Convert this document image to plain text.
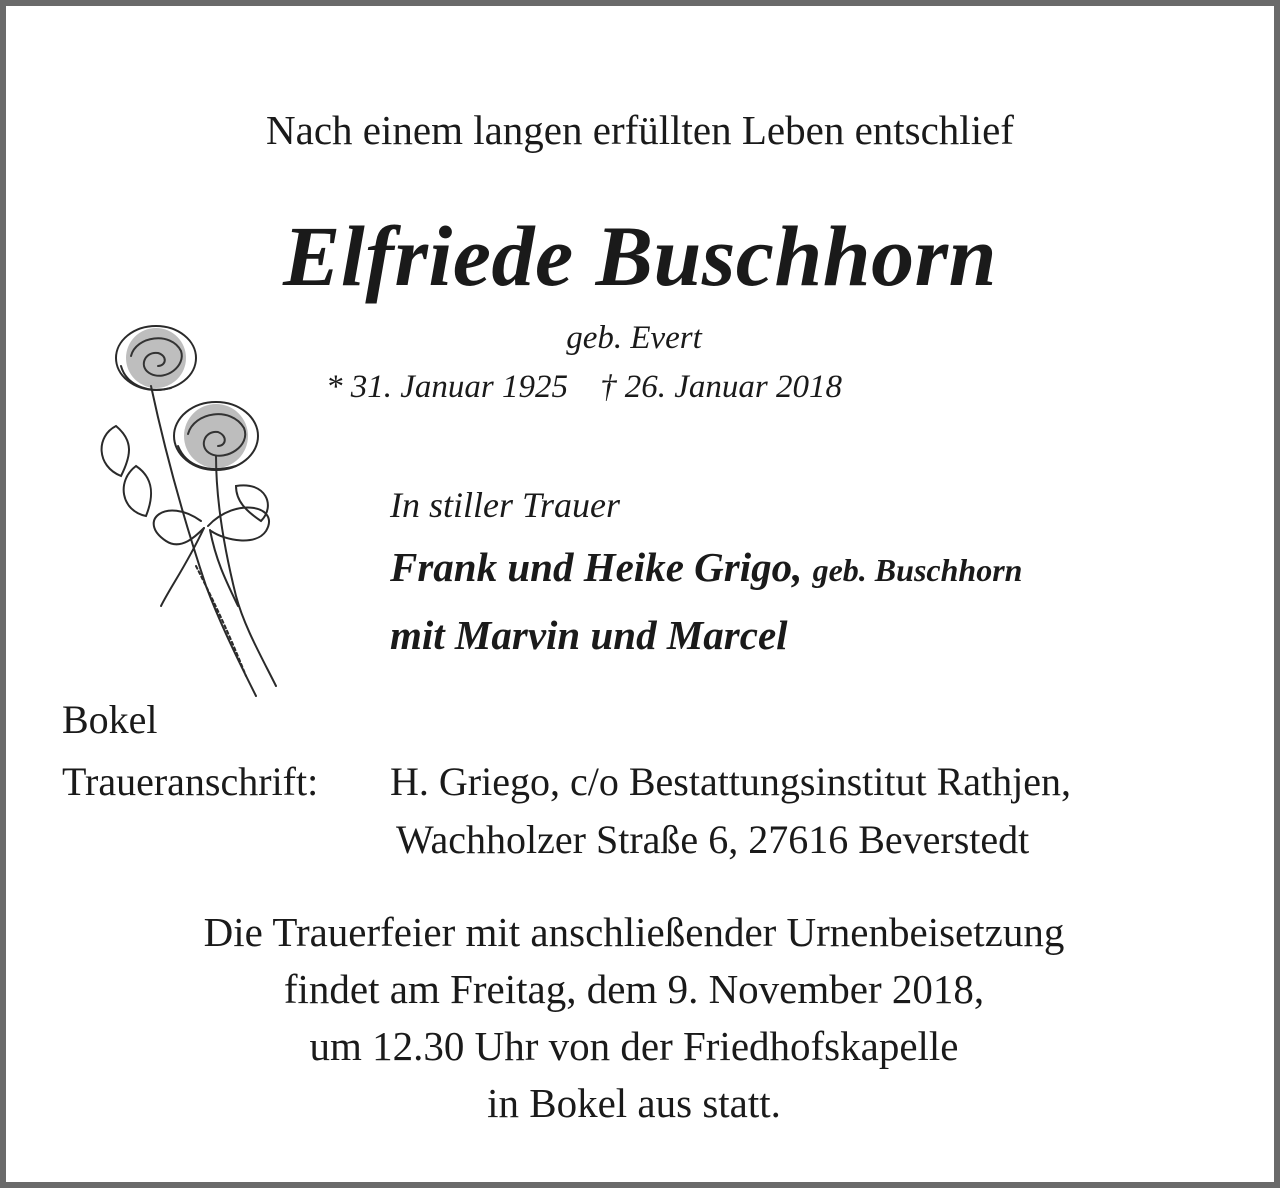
Nach einem langen erfüllten Leben entschlief
Elfriede Buschhorn
geb. Evert
* 31. Januar 1925 † 26. Januar 2018
In stiller Trauer
Frank und Heike Grigo, geb. Buschhorn
mit Marvin und Marcel
Bokel
Traueranschrift: H. Griego, c/o Bestattungsinstitut Rathjen,
Wachholzer Straße 6, 27616 Beverstedt
Die Trauerfeier mit anschließender Urnenbeisetzung
findet am Freitag, dem 9. November 2018,
um 12.30 Uhr von der Friedhofskapelle
in Bokel aus statt.
